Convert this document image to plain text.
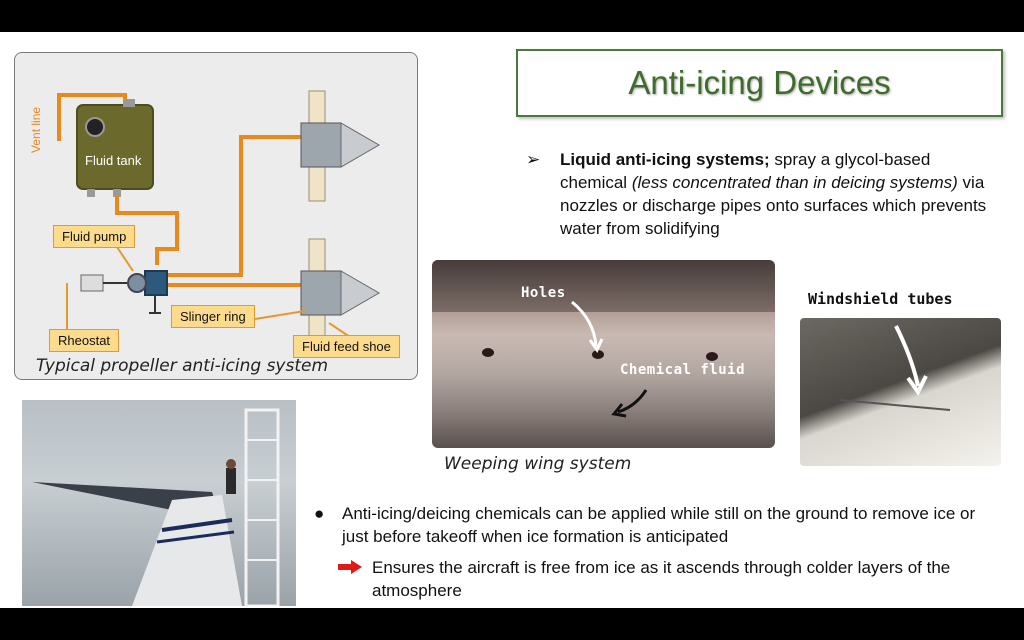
Vent line
Fluid tank
Fluid pump
Rheostat
Slinger ring
Fluid feed shoe
Typical propeller anti-icing system
Anti-icing Devices
➢ Liquid anti-icing systems; spray a glycol-based chemical (less concentrated than in deicing systems) via nozzles or discharge pipes onto surfaces which prevents water from solidifying
Holes
Chemical fluid
Weeping wing system
Windshield tubes
● Anti-icing/deicing chemicals can be applied while still on the ground to remove ice or just before takeoff when ice formation is anticipated
Ensures the aircraft is free from ice as it ascends through colder layers of the atmosphere
